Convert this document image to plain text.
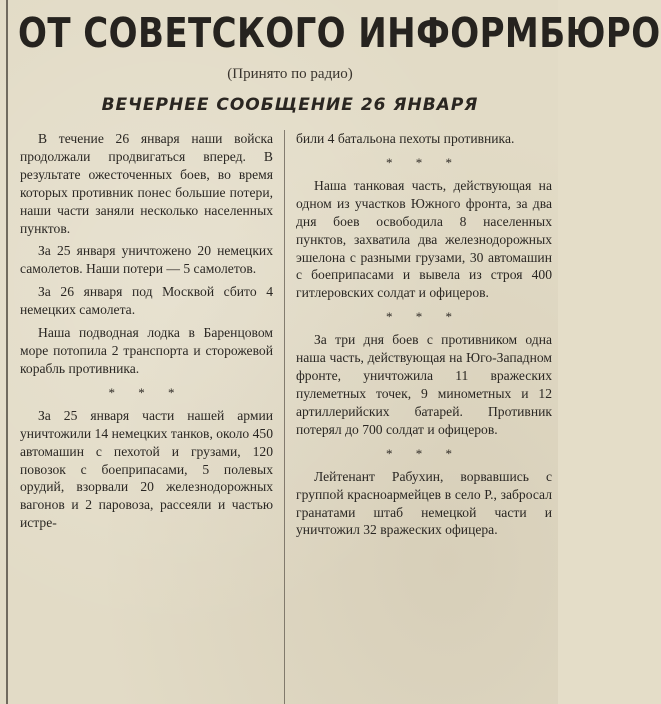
ОТ СОВЕТСКОГО ИНФОРМБЮРО
(Принято по радио)
ВЕЧЕРНЕЕ СООБЩЕНИЕ 26 ЯНВАРЯ

В течение 26 января наши войска продолжали продвигаться вперед. В результате ожесточенных боев, во время которых противник понес большие потери, наши части заняли несколько населенных пунктов.

За 25 января уничтожено 20 немецких самолетов. Наши потери — 5 самолетов.

За 26 января под Москвой сбито 4 немецких самолета.

Наша подводная лодка в Баренцовом море потопила 2 транспорта и сторожевой корабль противника.

* * *

За 25 января части нашей армии уничтожили 14 немецких танков, около 450 автомашин с пехотой и грузами, 120 повозок с боеприпасами, 5 полевых орудий, взорвали 20 железнодорожных вагонов и 2 паровоза, рассеяли и частью истре-

били 4 батальона пехоты противника.

* * *

Наша танковая часть, действующая на одном из участков Южного фронта, за два дня боев освободила 8 населенных пунктов, захватила два железнодорожных эшелона с разными грузами, 30 автомашин с боеприпасами и вывела из строя 400 гитлеровских солдат и офицеров.

* * *

За три дня боев с противником одна наша часть, действующая на Юго-Западном фронте, уничтожила 11 вражеских пулеметных точек, 9 минометных и 12 артиллерийских батарей. Противник потерял до 700 солдат и офицеров.

* * *

Лейтенант Рабухин, ворвавшись с группой красноармейцев в село Р., забросал гранатами штаб немецкой части и уничтожил 32 вражеских офицера.
